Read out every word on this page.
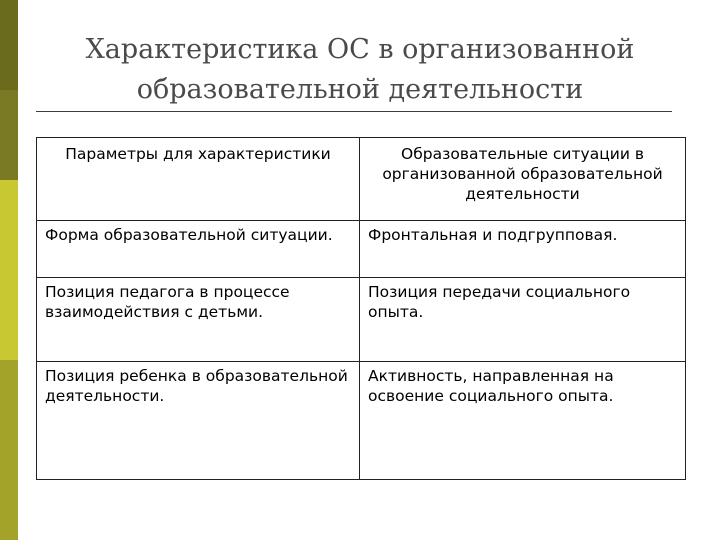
Характеристика ОС в организованной
образовательной деятельности
Параметры для характеристики	Образовательные ситуации в организованной образовательной деятельности
Форма образовательной ситуации.	Фронтальная и подгрупповая.
Позиция педагога в процессе взаимодействия с детьми.	Позиция передачи социального опыта.
Позиция ребенка в образовательной деятельности.	Активность, направленная на освоение социального опыта.
